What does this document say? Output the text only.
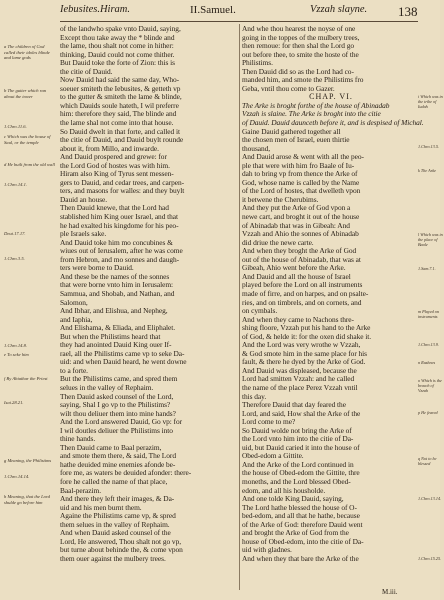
Iebusites.Hiram.	II.Samuel.	Vzzah slayne. 138
a The children of God called their idoles blinde and lame gods
b The gutter which ran about the tower
1.Chro.11.6.
c Which was the house of Saul, or the temple
d He built from the old wall
1.Chro.14.1.
Deut.17.17.
1.Chro.3.5.
1.Chro.14.8.
e To seke him
f By Abiathar the Priest
Isai.28.21.
g Meaning, the Philistims
1.Chro.14.14.
h Meaning, that the Lord shulde go before him
of the landwho spake vnto Dauid, saying,
Except thou take away the * blinde and
the lame, thou shalt not come in hither:
thinking, Dauid could not come thither.
But Dauid toke the forte of Zion: this is
the citie of Dauid.
Now Dauid had said the same day, Who-
soeuer smiteth the Iebusites, & getteth vp
to the gutter & smiteth the lame & blinde,
which Dauids soule hateth, I wil preferre
him: therefore they said, The blinde and
the lame shal not come into that house.
So Dauid dwelt in that forte, and called it
the citie of Dauid, and Dauid buylt rounde
about it, from Millo, and inwarde.
And Dauid prospered and grewe: for
the Lord God of hostes was with him.
Hiram also King of Tyrus sent messen-
gers to Dauid, and cedar trees, and carpen-
ters, and masons for walles: and they buylt
Dauid an house.
Then Dauid knewe, that the Lord had
stablished him King ouer Israel, and that
he had exalted his kingdome for his peo-
ple Israels sake.
And Dauid toke him mo concubines &
wiues out of Ierusalem, after he was come
from Hebron, and mo sonnes and daugh-
ters were borne to Dauid.
And these be the names of the sonnes
that were borne vnto him in Ierusalem:
Sammua, and Shobab, and Nathan, and
Salomon,
And Ibhar, and Elishua, and Nepheg,
and Iaphia,
And Elishama, & Eliada, and Eliphalet.
But when the Philistims heard that
they had anointed Dauid King ouer If-
rael, all the Philistims came vp to seke Da-
uid: and when Dauid heard, he went downe
to a forte.
But the Philistims came, and spred them
selues in the valley of Rephaim.
Then Dauid asked counsel of the Lord,
saying, Shal I go vp to the Philistims?
wilt thou deliuer them into mine hands?
And the Lord answered Dauid, Go vp: for
I wil doutles deliuer the Philistims into
thine hands.
Then Dauid came to Baal perazim,
and smote them there, & said, The Lord
hathe deuided mine enemies afonde be-
fore me, as waters be deuided afonder: there-
fore he called the name of that place,
Baal-perazim.
And there they left their images, & Da-
uid and his men burnt them.
Againe the Philistims came vp, & spred
them selues in the valley of Rephaim.
And when Dauid asked counsel of the
Lord, He answered, Thou shalt not go vp,
but turne about behinde the, & come vpon
them ouer against the mulbery trees.
And whe thou hearest the noyse of one
going in the toppes of the mulbery trees,
then remoue: for then shal the Lord go
out before thee, to smite the hoste of the
Philistims.
Then Dauid did so as the Lord had co-
manded him, and smote the Philistims fro
Geba, vntil thou come to Gazer.
CHAP. VI.
The Arke is broght forthe of the house of Abinadab
Vzzah is slaine. The Arke is broght into the citie
of Dauid. Dauid daunceth before it, and is despised of Michal.
Gaine Dauid gathered together all
the chosen men of Israel, euen thirtie
thousand,
And Dauid arose & went with all the peo-
ple that were with him fro Baale of Iu-
dah to bring vp from thence the Arke of
God, whose name is called by the Name
of the Lord of hostes, that dwelleth vpon
it betwene the Cherubims.
And they put the Arke of God vpon a
newe cart, and broght it out of the house
of Abinadab that was in Gibeah: And
Vzzah and Ahio the sonnes of Abinadab
did driue the newe carte.
And when they broght the Arke of God
out of the house of Abinadab, that was at
Gibeah, Ahio went before the Arke.
And Dauid and all the house of Israel
played before the Lord on all instruments
made of firre, and on harpes, and on psalte-
ries, and on timbrels, and on cornets, and
on cymbals.
And when they came to Nachons thre-
shing floore, Vzzah put his hand to the Arke
of God, & helde it: for the oxen did shake it.
And the Lord was very wrothe w Vzzah,
& God smote him in the same place for his
fault, & there he dyed by the Arke of God.
And Dauid was displeased, because the
Lord had smitten Vzzah: and he called
the name of the place Perez Vzzah vntil
this day.
Therefore Dauid that day feared the
Lord, and said, How shal the Arke of the
Lord come to me?
So Dauid wolde not bring the Arke of
the Lord vnto him into the citie of Da-
uid, but Dauid caried it into the house of
Obed-edom a Gittite.
And the Arke of the Lord continued in
the house of Obed-edom the Gittite, thre
moneths, and the Lord blessed Obed-
edom, and all his housholde.
And one tolde King Dauid, saying,
The Lord hathe blessed the house of O-
bed-edom, and all that he hathe, because
of the Arke of God: therefore Dauid went
and broght the Arke of God from the
house of Obed-edom, into the citie of Da-
uid with gladnes.
And when they that bare the Arke of the
i Which was in the tribe of Iudah
1.Chro.13.5.
k The Arke
l Which was in the place of Baale
1.Sam.7.1.
m Played on instruments
1.Chro.13.9.
n Rashnes
o Which is the breach of Vzzah
p He feared
q Not to be blessed
1.Chro.13.14.
1.Chro.15.25.
M.iii.
